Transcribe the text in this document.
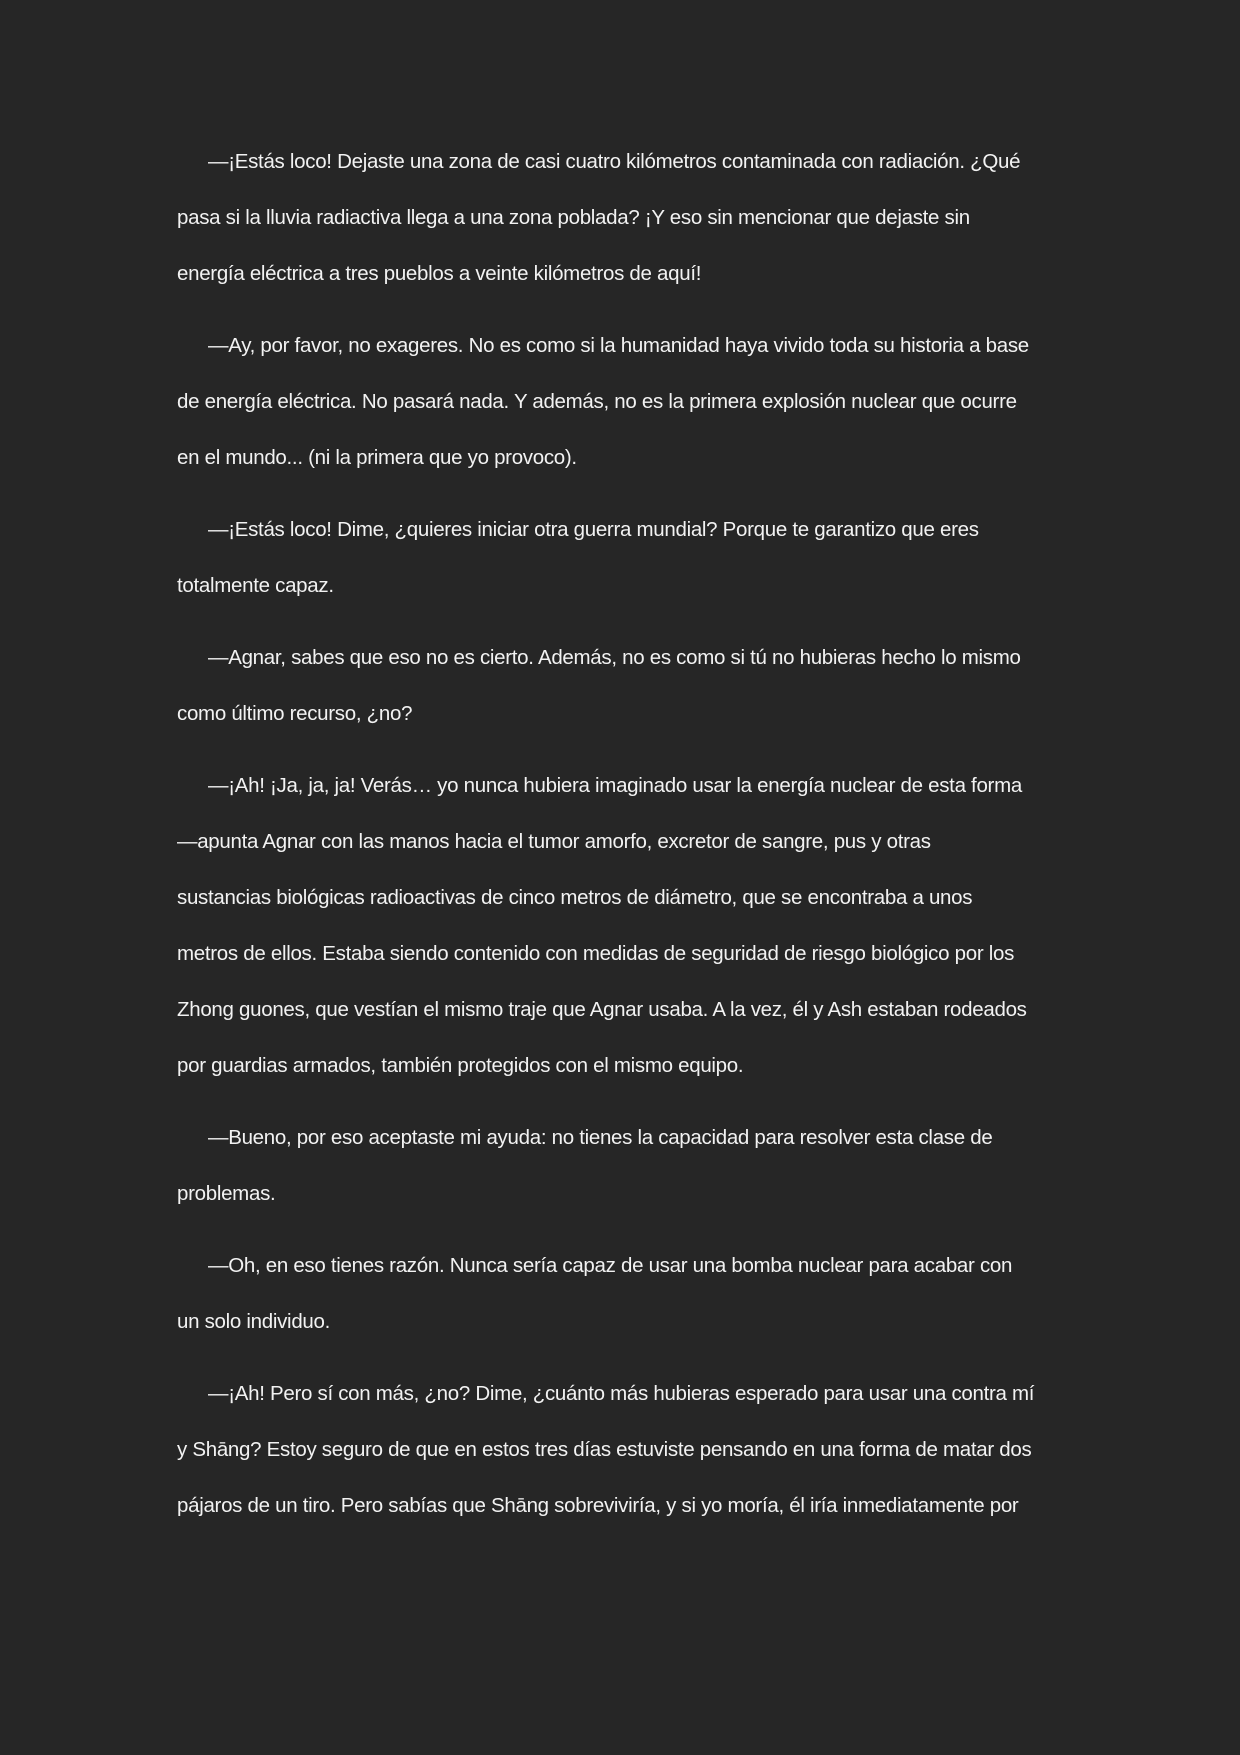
—¡Estás loco! Dejaste una zona de casi cuatro kilómetros contaminada con radiación. ¿Qué
pasa si la lluvia radiactiva llega a una zona poblada? ¡Y eso sin mencionar que dejaste sin
energía eléctrica a tres pueblos a veinte kilómetros de aquí!
—Ay, por favor, no exageres. No es como si la humanidad haya vivido toda su historia a base
de energía eléctrica. No pasará nada. Y además, no es la primera explosión nuclear que ocurre
en el mundo... (ni la primera que yo provoco).
—¡Estás loco! Dime, ¿quieres iniciar otra guerra mundial? Porque te garantizo que eres
totalmente capaz.
—Agnar, sabes que eso no es cierto. Además, no es como si tú no hubieras hecho lo mismo
como último recurso, ¿no?
—¡Ah! ¡Ja, ja, ja! Verás… yo nunca hubiera imaginado usar la energía nuclear de esta forma
—apunta Agnar con las manos hacia el tumor amorfo, excretor de sangre, pus y otras
sustancias biológicas radioactivas de cinco metros de diámetro, que se encontraba a unos
metros de ellos. Estaba siendo contenido con medidas de seguridad de riesgo biológico por los
Zhong guones, que vestían el mismo traje que Agnar usaba. A la vez, él y Ash estaban rodeados
por guardias armados, también protegidos con el mismo equipo.
—Bueno, por eso aceptaste mi ayuda: no tienes la capacidad para resolver esta clase de
problemas.
—Oh, en eso tienes razón. Nunca sería capaz de usar una bomba nuclear para acabar con
un solo individuo.
—¡Ah! Pero sí con más, ¿no? Dime, ¿cuánto más hubieras esperado para usar una contra mí
y Shāng? Estoy seguro de que en estos tres días estuviste pensando en una forma de matar dos
pájaros de un tiro. Pero sabías que Shāng sobreviviría, y si yo moría, él iría inmediatamente por
